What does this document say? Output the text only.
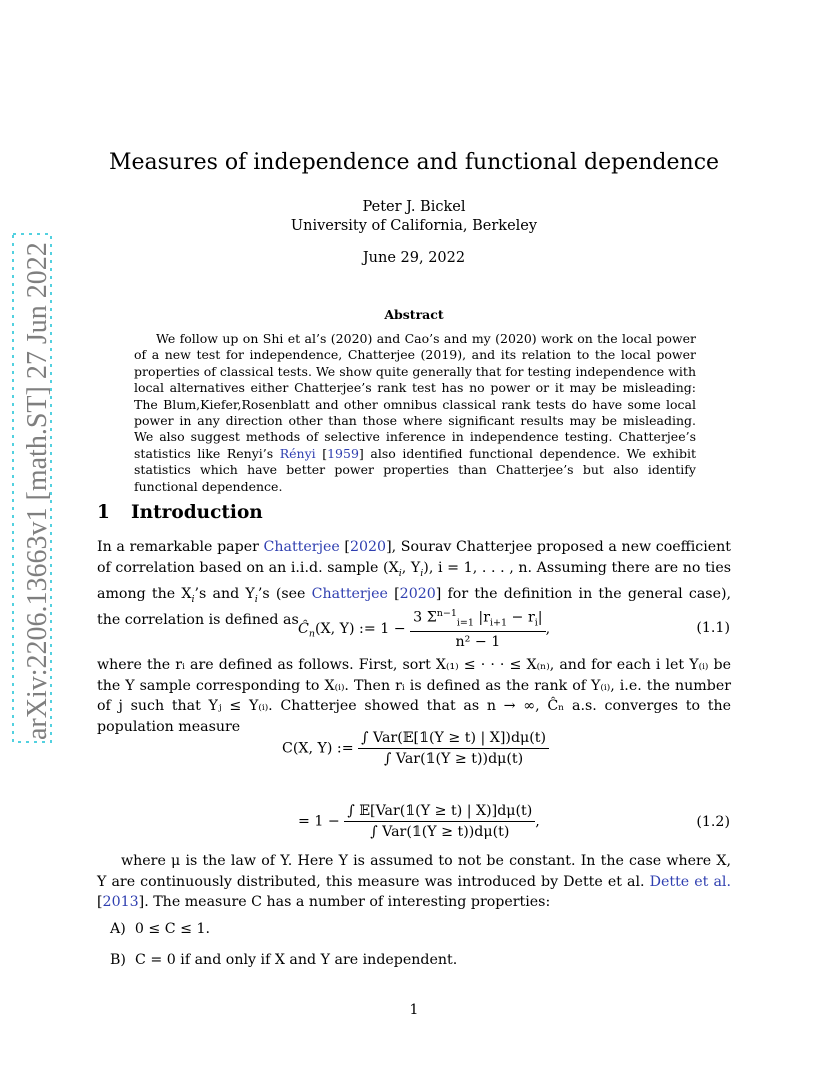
arXiv:2206.13663v1 [math.ST] 27 Jun 2022
Measures of independence and functional dependence
Peter J. Bickel
University of California, Berkeley
June 29, 2022
Abstract
We follow up on Shi et al’s (2020) and Cao’s and my (2020) work on the local power of a new test for independence, Chatterjee (2019), and its relation to the local power properties of classical tests. We show quite generally that for testing independence with local alternatives either Chatterjee’s rank test has no power or it may be misleading: The Blum,Kiefer,Rosenblatt and other omnibus classical rank tests do have some local power in any direction other than those where significant results may be misleading. We also suggest methods of selective inference in independence testing. Chatterjee’s statistics like Renyi’s Rényi [1959] also identified functional dependence. We exhibit statistics which have better power properties than Chatterjee’s but also identify functional dependence.
1 Introduction
In a remarkable paper Chatterjee [2020], Sourav Chatterjee proposed a new coefficient of correlation based on an i.i.d. sample ($X_i$, $Y_i$), i = 1, . . . , n. Assuming there are no ties among the $X_i’s$ and $Y_i’s$ (see Chatterjee [2020] for the definition in the general case), the correlation is defined as
$Ĉ_n(X$, Y) := $1 - \frac{3 \Sigma^{n-1}_{i=1} |r_{i+1} - r_i|}{\text{n² − 1}}$ ,	(1.1)
where the rᵢ are defined as follows. First, sort X₍₁₎ ≤ · · · ≤ X₍ₙ₎, and for each i let Y₍ᵢ₎ be the Y sample corresponding to X₍ᵢ₎. Then rᵢ is defined as the rank of Y₍ᵢ₎, i.e. the number of j such that Yⱼ ≤ Y₍ᵢ₎. Chatterjee showed that as n → ∞, Ĉₙ a.s. converges to the population measure
C(X, Y) := $\frac{\text{∫ Var(𝔼[𝟙(Y ≥ t) | X])dμ(t)}}{\text{∫ Var(𝟙(Y ≥ t))dμ(t)}}$
= $1 - \frac{\text{∫ 𝔼[Var(𝟙(Y ≥ t) | X)]dμ(t)}}{\text{∫ Var(𝟙(Y ≥ t))dμ(t)}}$ ,	(1.2)
where μ is the law of Y. Here Y is assumed to not be constant. In the case where X, Y are continuously distributed, this measure was introduced by Dette et al. Dette et al. [2013]. The measure C has a number of interesting properties:
A) 0 ≤ C ≤ 1.
B) C = 0 if and only if X and Y are independent.
1
